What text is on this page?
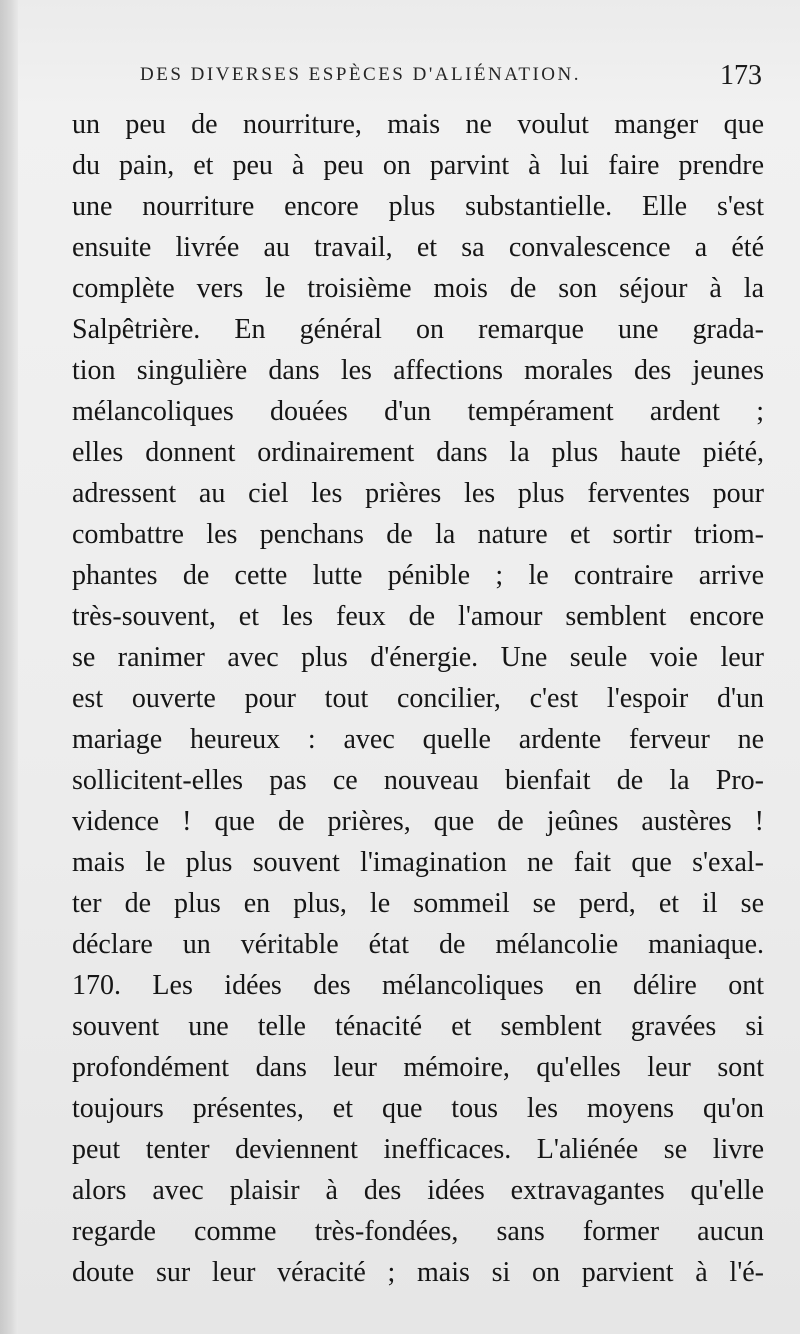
DES DIVERSES ESPÈCES D'ALIÉNATION.	173
un peu de nourriture, mais ne voulut manger que
du pain, et peu à peu on parvint à lui faire prendre
une nourriture encore plus substantielle. Elle s'est
ensuite livrée au travail, et sa convalescence a été
complète vers le troisième mois de son séjour à la
Salpêtrière. En général on remarque une grada-
tion singulière dans les affections morales des jeunes
mélancoliques douées d'un tempérament ardent ;
elles donnent ordinairement dans la plus haute piété,
adressent au ciel les prières les plus ferventes pour
combattre les penchans de la nature et sortir triom-
phantes de cette lutte pénible ; le contraire arrive
très-souvent, et les feux de l'amour semblent encore
se ranimer avec plus d'énergie. Une seule voie leur
est ouverte pour tout concilier, c'est l'espoir d'un
mariage heureux : avec quelle ardente ferveur ne
sollicitent-elles pas ce nouveau bienfait de la Pro-
vidence ! que de prières, que de jeûnes austères !
mais le plus souvent l'imagination ne fait que s'exal-
ter de plus en plus, le sommeil se perd, et il se
déclare un véritable état de mélancolie maniaque.
170. Les idées des mélancoliques en délire ont
souvent une telle ténacité et semblent gravées si
profondément dans leur mémoire, qu'elles leur sont
toujours présentes, et que tous les moyens qu'on
peut tenter deviennent inefficaces. L'aliénée se livre
alors avec plaisir à des idées extravagantes qu'elle
regarde comme très-fondées, sans former aucun
doute sur leur véracité ; mais si on parvient à l'é-
